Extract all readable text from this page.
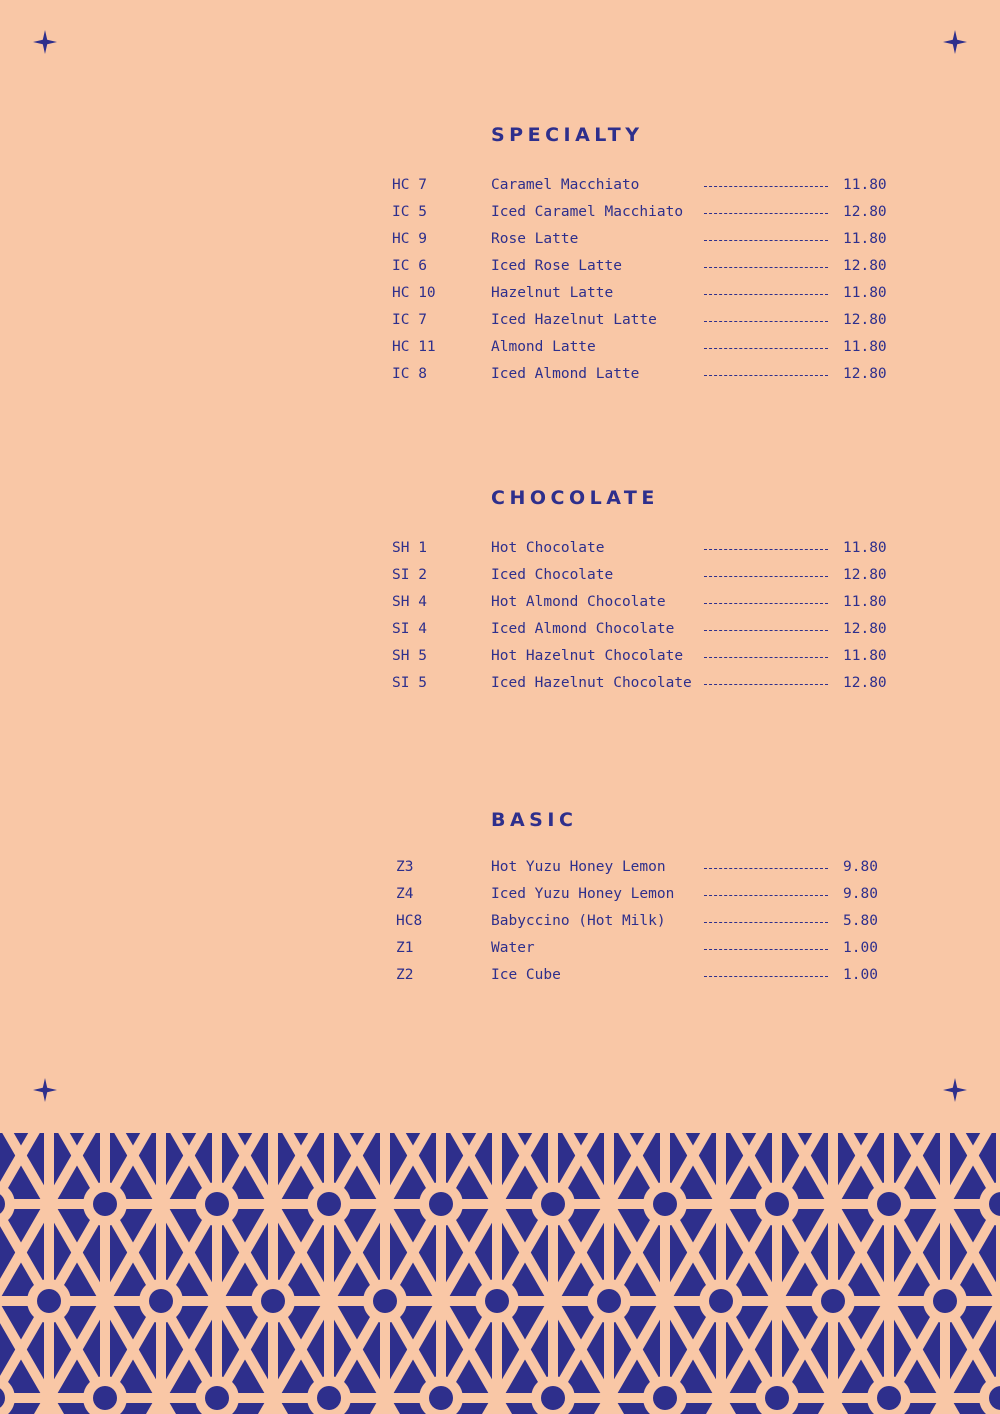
SPECIALTY
HC 7	Caramel Macchiato	11.80
IC 5	Iced Caramel Macchiato	12.80
HC 9	Rose Latte	11.80
IC 6	Iced Rose Latte	12.80
HC 10	Hazelnut Latte	11.80
IC 7	Iced Hazelnut Latte	12.80
HC 11	Almond Latte	11.80
IC 8	Iced Almond Latte	12.80
CHOCOLATE
SH 1	Hot Chocolate	11.80
SI 2	Iced Chocolate	12.80
SH 4	Hot Almond Chocolate	11.80
SI 4	Iced Almond Chocolate	12.80
SH 5	Hot Hazelnut Chocolate	11.80
SI 5	Iced Hazelnut Chocolate	12.80
BASIC
Z3	Hot Yuzu Honey Lemon	9.80
Z4	Iced Yuzu Honey Lemon	9.80
HC8	Babyccino (Hot Milk)	5.80
Z1	Water	1.00
Z2	Ice Cube	1.00
